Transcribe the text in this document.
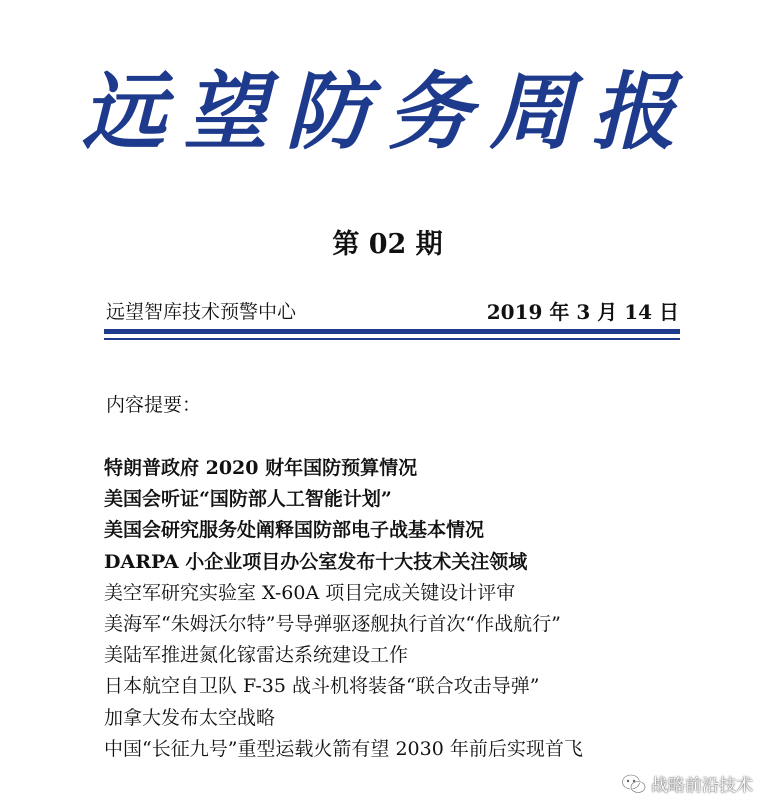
远望防务周报
第 02 期
远望智库技术预警中心	2019 年 3 月 14 日
内容提要：
特朗普政府 2020 财年国防预算情况
美国会听证“国防部人工智能计划”
美国会研究服务处阐释国防部电子战基本情况
DARPA 小企业项目办公室发布十大技术关注领域
美空军研究实验室 X-60A 项目完成关键设计评审
美海军“朱姆沃尔特”号导弹驱逐舰执行首次“作战航行”
美陆军推进氮化镓雷达系统建设工作
日本航空自卫队 F-35 战斗机将装备“联合攻击导弹”
加拿大发布太空战略
中国“长征九号”重型运载火箭有望 2030 年前后实现首飞
战略前沿技术
